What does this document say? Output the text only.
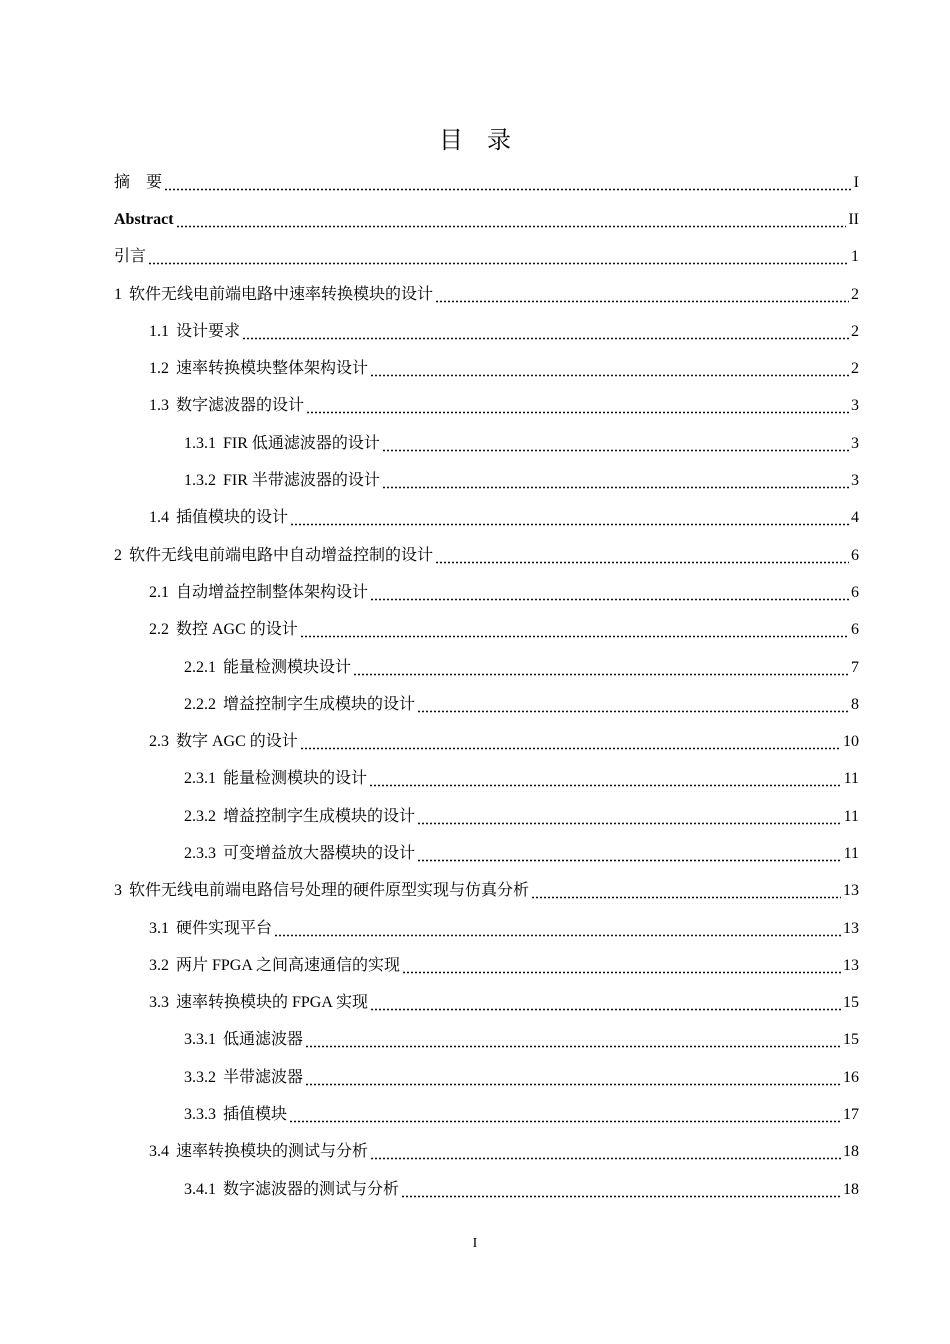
目录
摘　要	I
Abstract	II
引言	1
1 软件无线电前端电路中速率转换模块的设计	2
1.1 设计要求	2
1.2 速率转换模块整体架构设计	2
1.3 数字滤波器的设计	3
1.3.1 FIR 低通滤波器的设计	3
1.3.2 FIR 半带滤波器的设计	3
1.4 插值模块的设计	4
2 软件无线电前端电路中自动增益控制的设计	6
2.1 自动增益控制整体架构设计	6
2.2 数控 AGC 的设计	6
2.2.1 能量检测模块设计	7
2.2.2 增益控制字生成模块的设计	8
2.3 数字 AGC 的设计	10
2.3.1 能量检测模块的设计	11
2.3.2 增益控制字生成模块的设计	11
2.3.3 可变增益放大器模块的设计	11
3 软件无线电前端电路信号处理的硬件原型实现与仿真分析	13
3.1 硬件实现平台	13
3.2 两片 FPGA 之间高速通信的实现	13
3.3 速率转换模块的 FPGA 实现	15
3.3.1 低通滤波器	15
3.3.2 半带滤波器	16
3.3.3 插值模块	17
3.4 速率转换模块的测试与分析	18
3.4.1 数字滤波器的测试与分析	18
I
